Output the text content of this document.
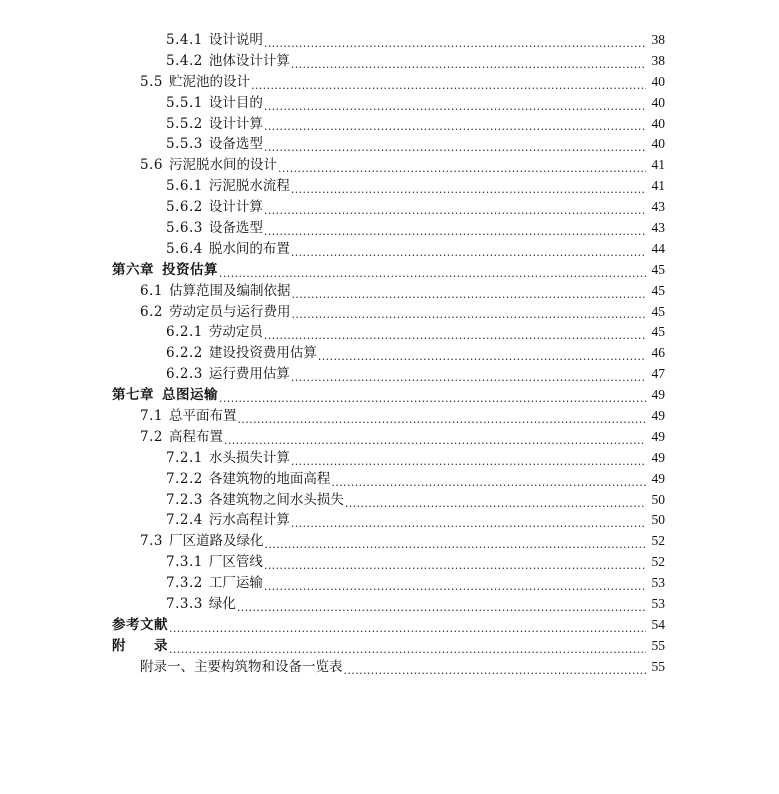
5.4.1 设计说明 .....	38
5.4.2 池体设计计算 .....	38
5.5 贮泥池的设计 .....	40
5.5.1 设计目的 .....	40
5.5.2 设计计算 .....	40
5.5.3 设备选型 .....	40
5.6 污泥脱水间的设计 .....	41
5.6.1 污泥脱水流程 .....	41
5.6.2 设计计算 .....	43
5.6.3 设备选型 .....	43
5.6.4 脱水间的布置 .....	44
第六章 投资估算 .....	45
6.1 估算范围及编制依据 .....	45
6.2 劳动定员与运行费用 .....	45
6.2.1 劳动定员 .....	45
6.2.2 建设投资费用估算 .....	46
6.2.3 运行费用估算 .....	47
第七章 总图运输 .....	49
7.1 总平面布置 .....	49
7.2 高程布置 .....	49
7.2.1 水头损失计算 .....	49
7.2.2 各建筑物的地面高程 .....	49
7.2.3 各建筑物之间水头损失 .....	50
7.2.4 污水高程计算 .....	50
7.3 厂区道路及绿化 .....	52
7.3.1 厂区管线 .....	52
7.3.2 工厂运输 .....	53
7.3.3 绿化 .....	53
参考文献 .....	54
附　　录 .....	55
附录一、主要构筑物和设备一览表 .....	55
